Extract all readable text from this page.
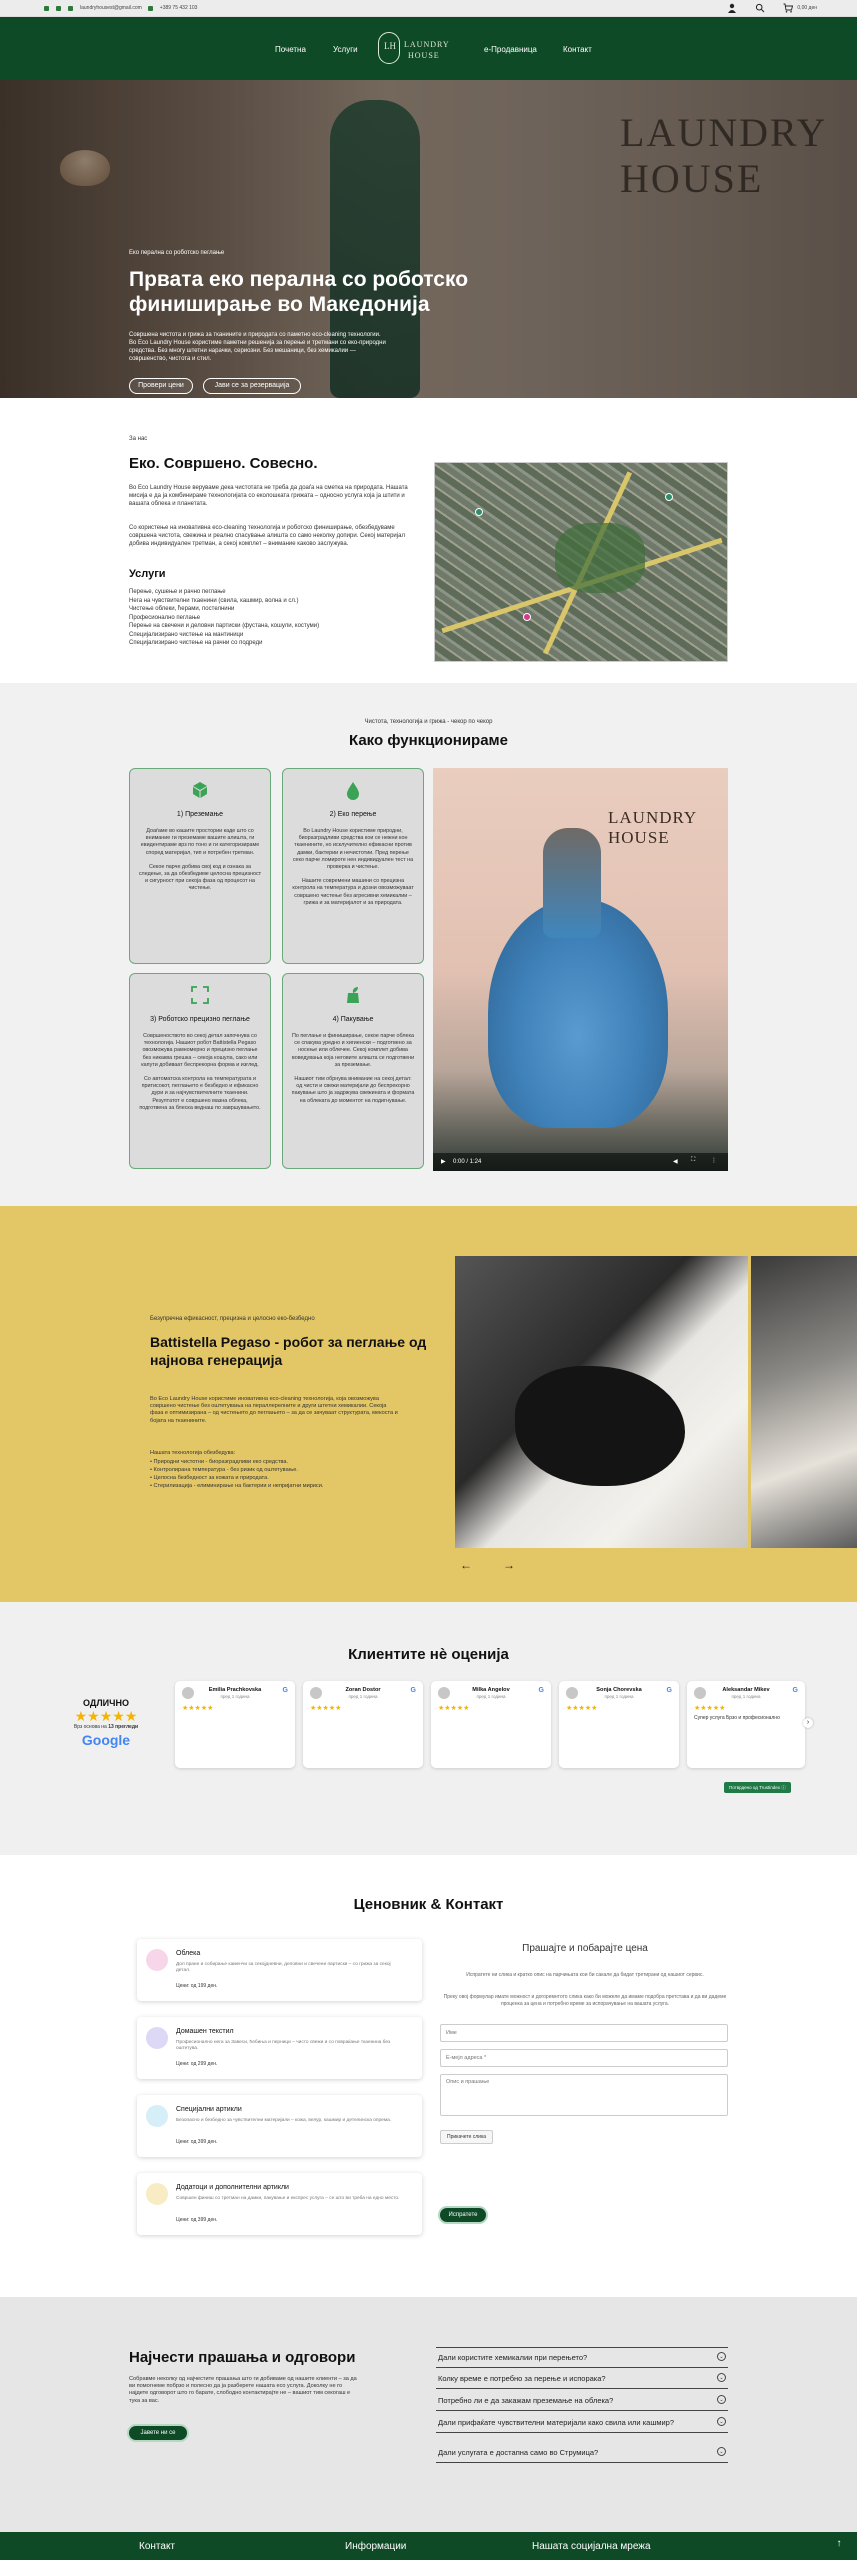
laundryhousest@gmail.com	+389 75 432 103	0,00 ден
Почетна	Услуги	е-Продавница	Контакт
LH LAUNDRY
HOUSE
LAUNDRY
HOUSE
Еко перална со роботско пеглање
Првата еко перална со роботско финиширање во Македонија
Совршена чистота и грижа за тканините и природата со паметно eco-cleaning технологии. Во Eco Laundry House користиме паметни решенија за перење и третмани со еко-природни средства. Без многу штетни нарачки, сериозни. Без мешаници, без хемикалии — совршенство, чистота и стил.
Провери цени	Јави се за резервација
За нас
Еко. Совршено. Совесно.

Во Eco Laundry House веруваме дека чистотата не треба да доаѓа на сметка на природата. Нашата мисија е да ја комбинираме технологијата со еколошката грижата – односно услуга која ја штити и вашата облека и планетата.

Со користење на иновативна eco-cleaning технологија и роботско финиширање, обезбедуваме совршена чистота, свежина и реално спасување алишта со само неколку допири. Секој материјал добива индивидуален третман, а секој комплет – внимание каково заслужува.

Услуги
Перење, сушење и рачно пеглање
Нега на чувствителни ткаенини (свила, кашмир, волна и сл.)
Чистење облеки, ћерами, постелнини
Професионално пеглање
Перење на свечени и деловни партиски (фустана, кошули, костуми)
Специјализирано чистење на мантиници
Специјализирано чистење на рачни со подреди
Чистота, технологија и грижа - чекор по чекор
Како функционираме
1) Преземање

Доаѓаме во кашите простории каде што со внимание ги преземаме вашите алишта, ги евидентираме врз по тоно и ги категоризираме според материјал, тип и потребен третман.

Секое парче добива свој код и ознака за следење, за да обезбедиме целосна прецизност и сигурност при секоја фаза од процесот на чистење.

2) Еко перење

Во Laundry House користиме природни, биоразградливи средства кои се нежни кон ткаенините, но исклучително ефикасни против дамки, бактерии и нечистотии. Пред перење секо парче ломироте нен индивидуален тест на проверка и чистење.

Нашите современи машини со прецизна контрола на температура и дозни овозможуваат совршено чистење без агресивни хемикалии – грижа и за материјалот и за природата.

3) Роботско прецизно пеглање

Совршеноството во секој детал започнува со технологија. Нашиот робот Battistella Pegaso овозможува рамномерно и прецизно пеглање без никаква грешка – секоја кошула, сако или капути добиваат беспрекорна форма и изглед.

Со автоматска контрола на температурата и притисокот, пеглањето е безбедно и ефикасно дури и за најчувствителните ткаенини. Резултатот е совршено мазна облека, подготвена за блеска веднаш по завршувањето.

4) Пакување

По пеглање и финиширање, секое парче облека се спакува уредно и хигиенски – подготвено за носење или облечее. Секој комплет добива воведувања која неговите алишта се подготвени за преземање.

Нашиот тим обрнува внимание на секој детал: од чисти и свежи материјали до беспрекорно пакување што ја задржува свежината и формата на облеката до моментот на подигнување.

LAUNDRY
HOUSE
▶ 0:00 / 1:24	◀ ⛶	⋮
Безупречна ефикасност, прецизна и целосно еко-безбедно
Battistella Pegaso - робот за пеглање од најнова генерација

Во Eco Laundry House користиме иновативна eco-cleaning технологија, која овозможува совршено чистење без оштетувања на пераллерелните и други штетни хемикалии. Секоја фаза е оптимизирана – од чистењето до пеглањето – за да се зачуваат структурата, мекоста и бојата на ткаенините.

Нашата технологија обезбедува:

• Природни чистотни - биоразградливи еко средства.

• Контролирана температура - без ризик од оштетување.

• Целосна безбедност за кожата и природата.

• Стерилизација - елиминирање на бактерии и непријатни мириси.

←	→
Клиентите нѐ оцениjа
ОДЛИЧНО
★★★★★
Врз основа на 13 прегледи
Google
G
Emilia Prachkovska
пред 1 година
★★★★★
G
Zoran Dostor
пред 1 година
★★★★★
G
Milka Angelov
пред 1 година
★★★★★
G
Sonja Chorevska
пред 1 година
★★★★★
G
Aleksandar Mikev
пред 1 година
★★★★★
Супер услуга Брзо и професионално
›
Потврдено од Trustindex ⓘ
Ценовник & Контакт
Облека
Дол пране и собирање каменчи за секојдневни, деловни и свечени партиски – со грижа за секој детал.
Цени: од 199 ден.
Домашен текстил
Професионално нега за Завеси, ћебиња и перници – чисто свежи и со повраќање ткаенина без оштетува.
Цени: од 299 ден.
Специјални артикли
Безопасно и безбедно за чувствителни материјали – кожа, велур, кашмир и детелинска опрема.
Цени: од 399 ден.
Додатоци и дополнителни артикли
Совршен финиш со третман на дамки, пакување и експрес услуга – се што ви треба на едно место.
Цени: од 399 ден.
Прашајте и побарајте цена
Испратете ни слика и кратко опис на парчињата кои би сакале да бидат третирани од нашиот сервис.
Преку овој формулар имате можност и догоремнтото слика како би можеле да имаме подобра претстава и да ви дадеме проценка за цена и потребно време за испорачување на вашата услуга.
Име
Е-мејл адреса *
Опис и прашање
Прикачете слика
Испратете
Најчести прашања и одговори

Собравме неколку од најчестите прашања што ги добиваме од нашите клиенти – за да ви помогнеме побрзо и полесно да ја разберете нашата eco услуга. Доколку не го најдете одговорот што го барате, слободно контактирајте не – вашиот тим секогаш е тука за вас.

Јавете ни се
Дали користите хемикалии при перењето?	⌄
Колку време е потребно за перење и испорака?	⌄
Потребно ли е да закажам преземање на облека?	⌄
Дали прифаќате чувствителни материјали како свила или кашмир?	⌄
Дали услугата е достапна само во Струмица?	⌄
Контакт	Информации	Нашата социјална мрежа	↑
